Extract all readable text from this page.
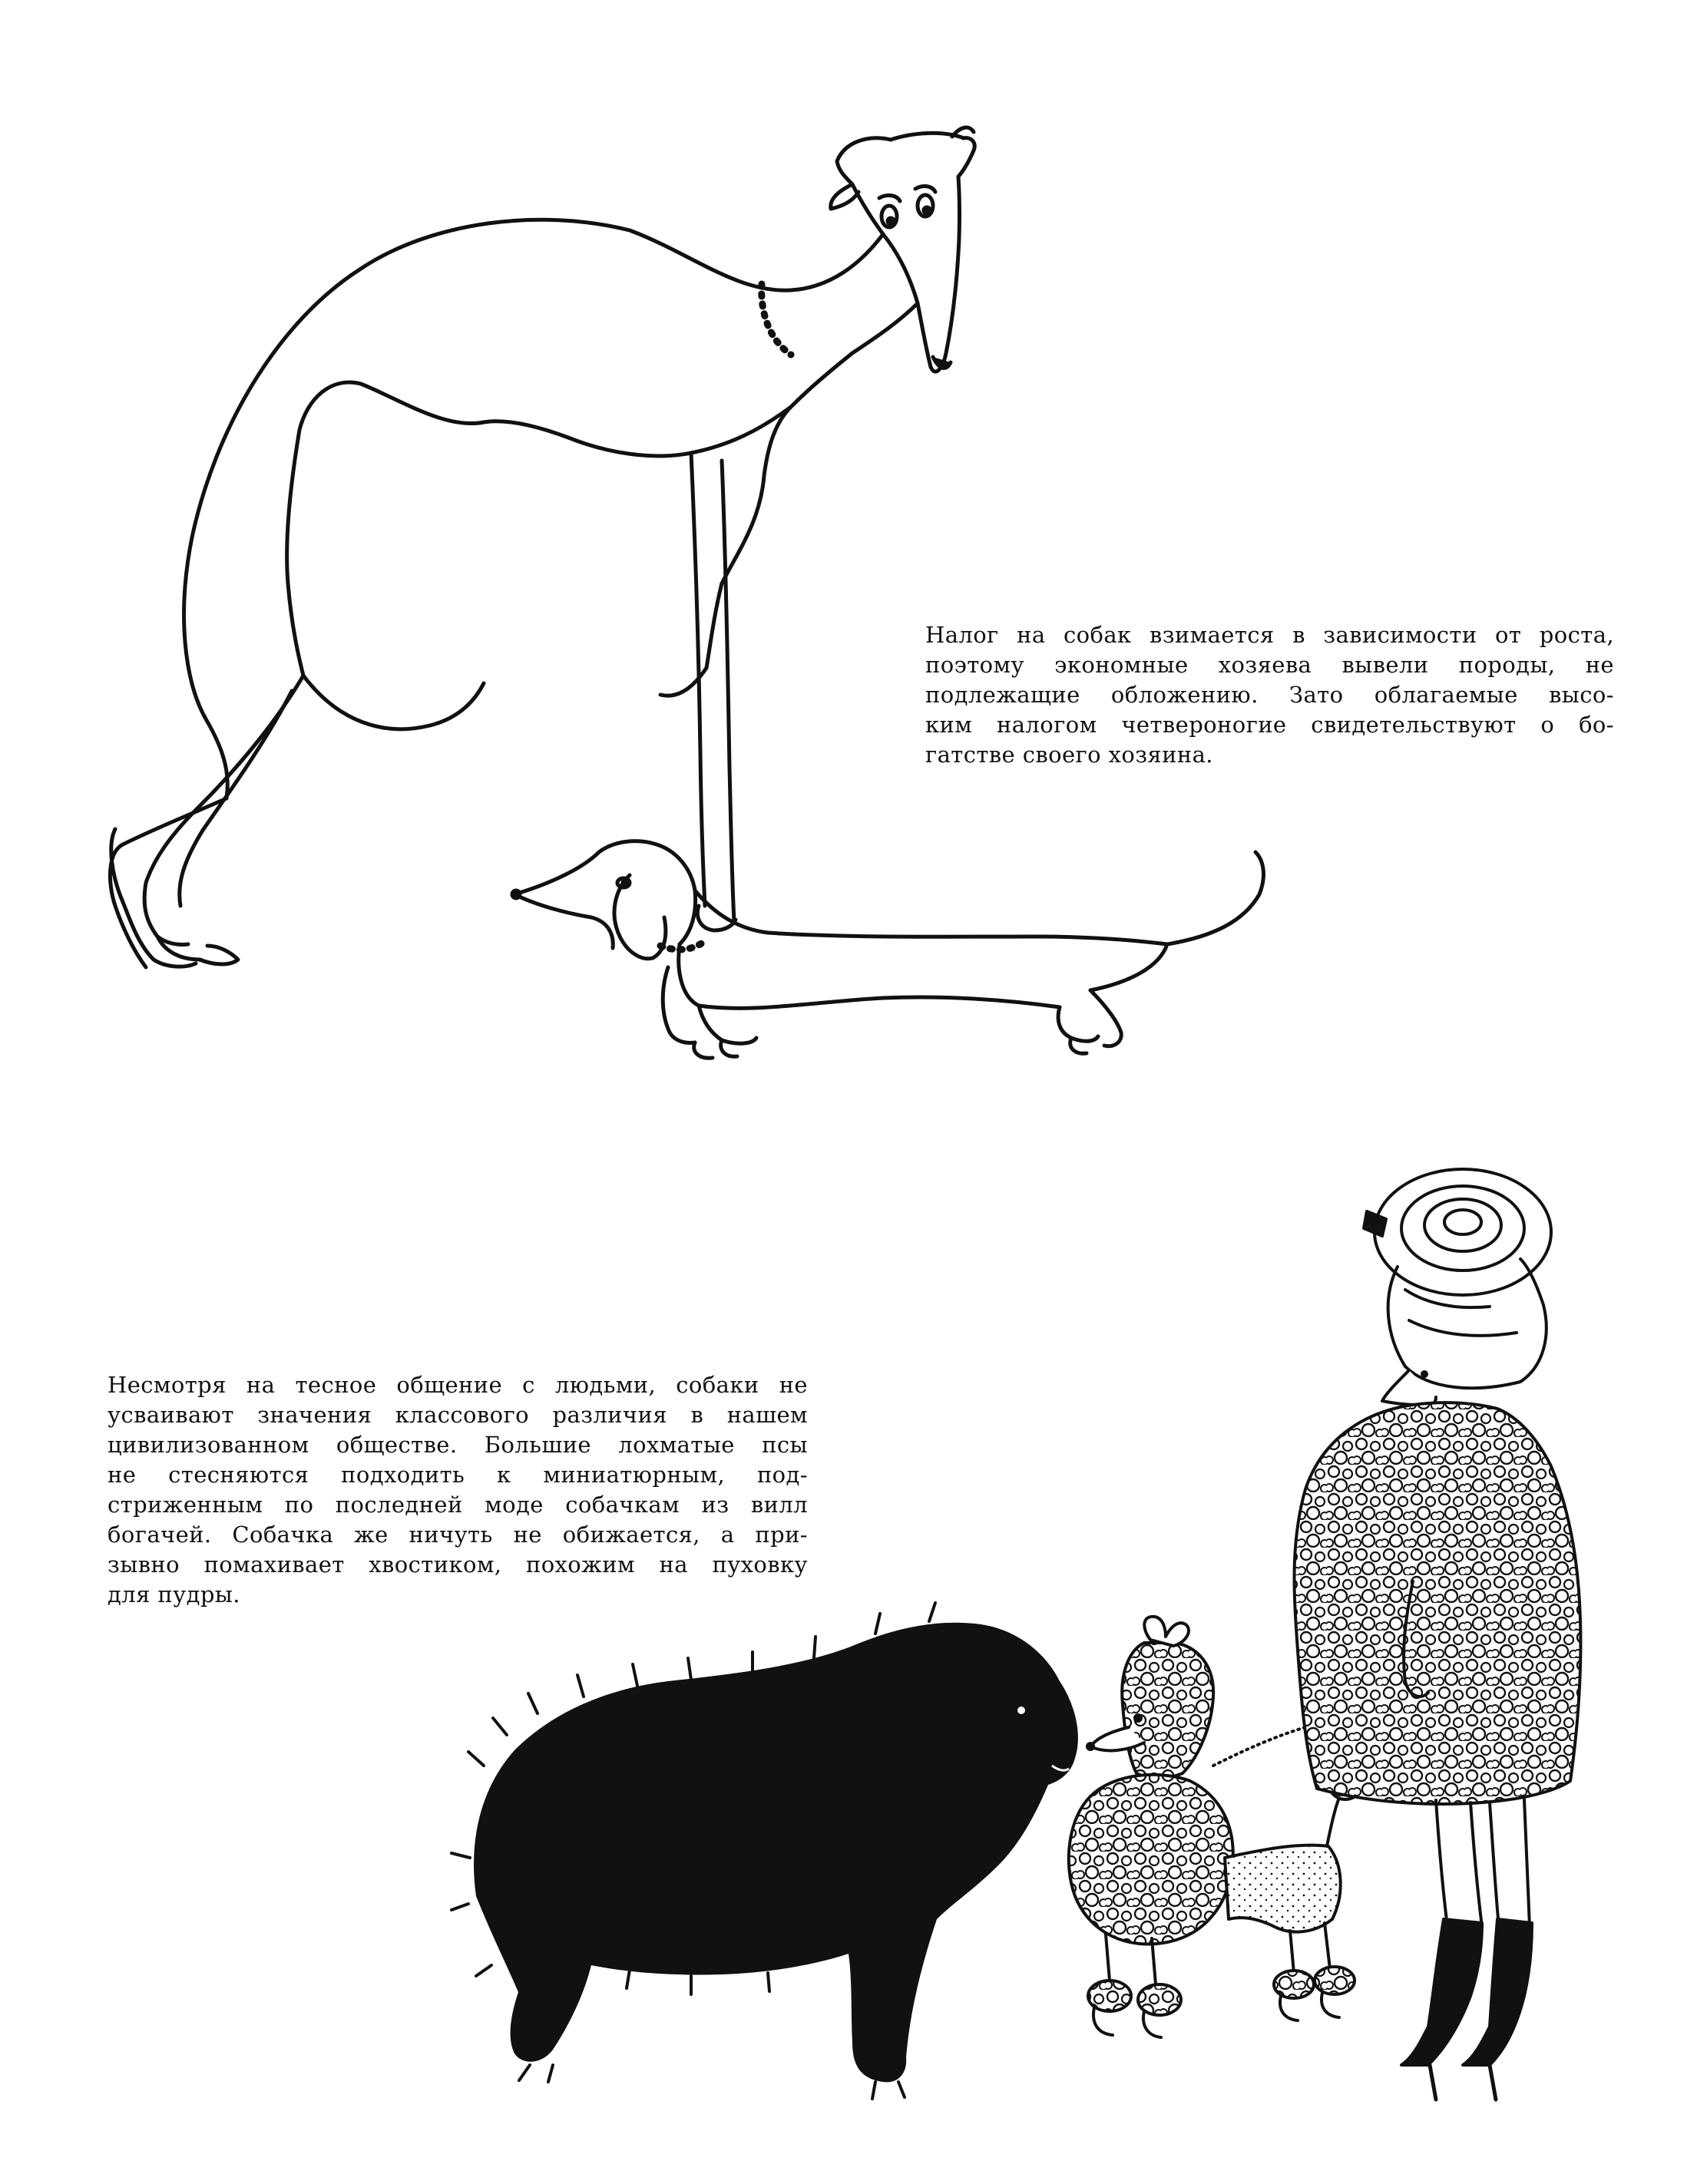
Налог на собак взимается в зависимости от роста,
поэтому экономные хозяева вывели породы, не
подлежащие обложению. Зато облагаемые высо-
ким налогом четвероногие свидетельствуют о бо-
гатстве своего хозяина.
Несмотря на тесное общение с людьми, собаки не
усваивают значения классового различия в нашем
цивилизованном обществе. Большие лохматые псы
не стесняются подходить к миниатюрным, под-
стриженным по последней моде собачкам из вилл
богачей. Собачка же ничуть не обижается, а при-
зывно помахивает хвостиком, похожим на пуховку
для пудры.
